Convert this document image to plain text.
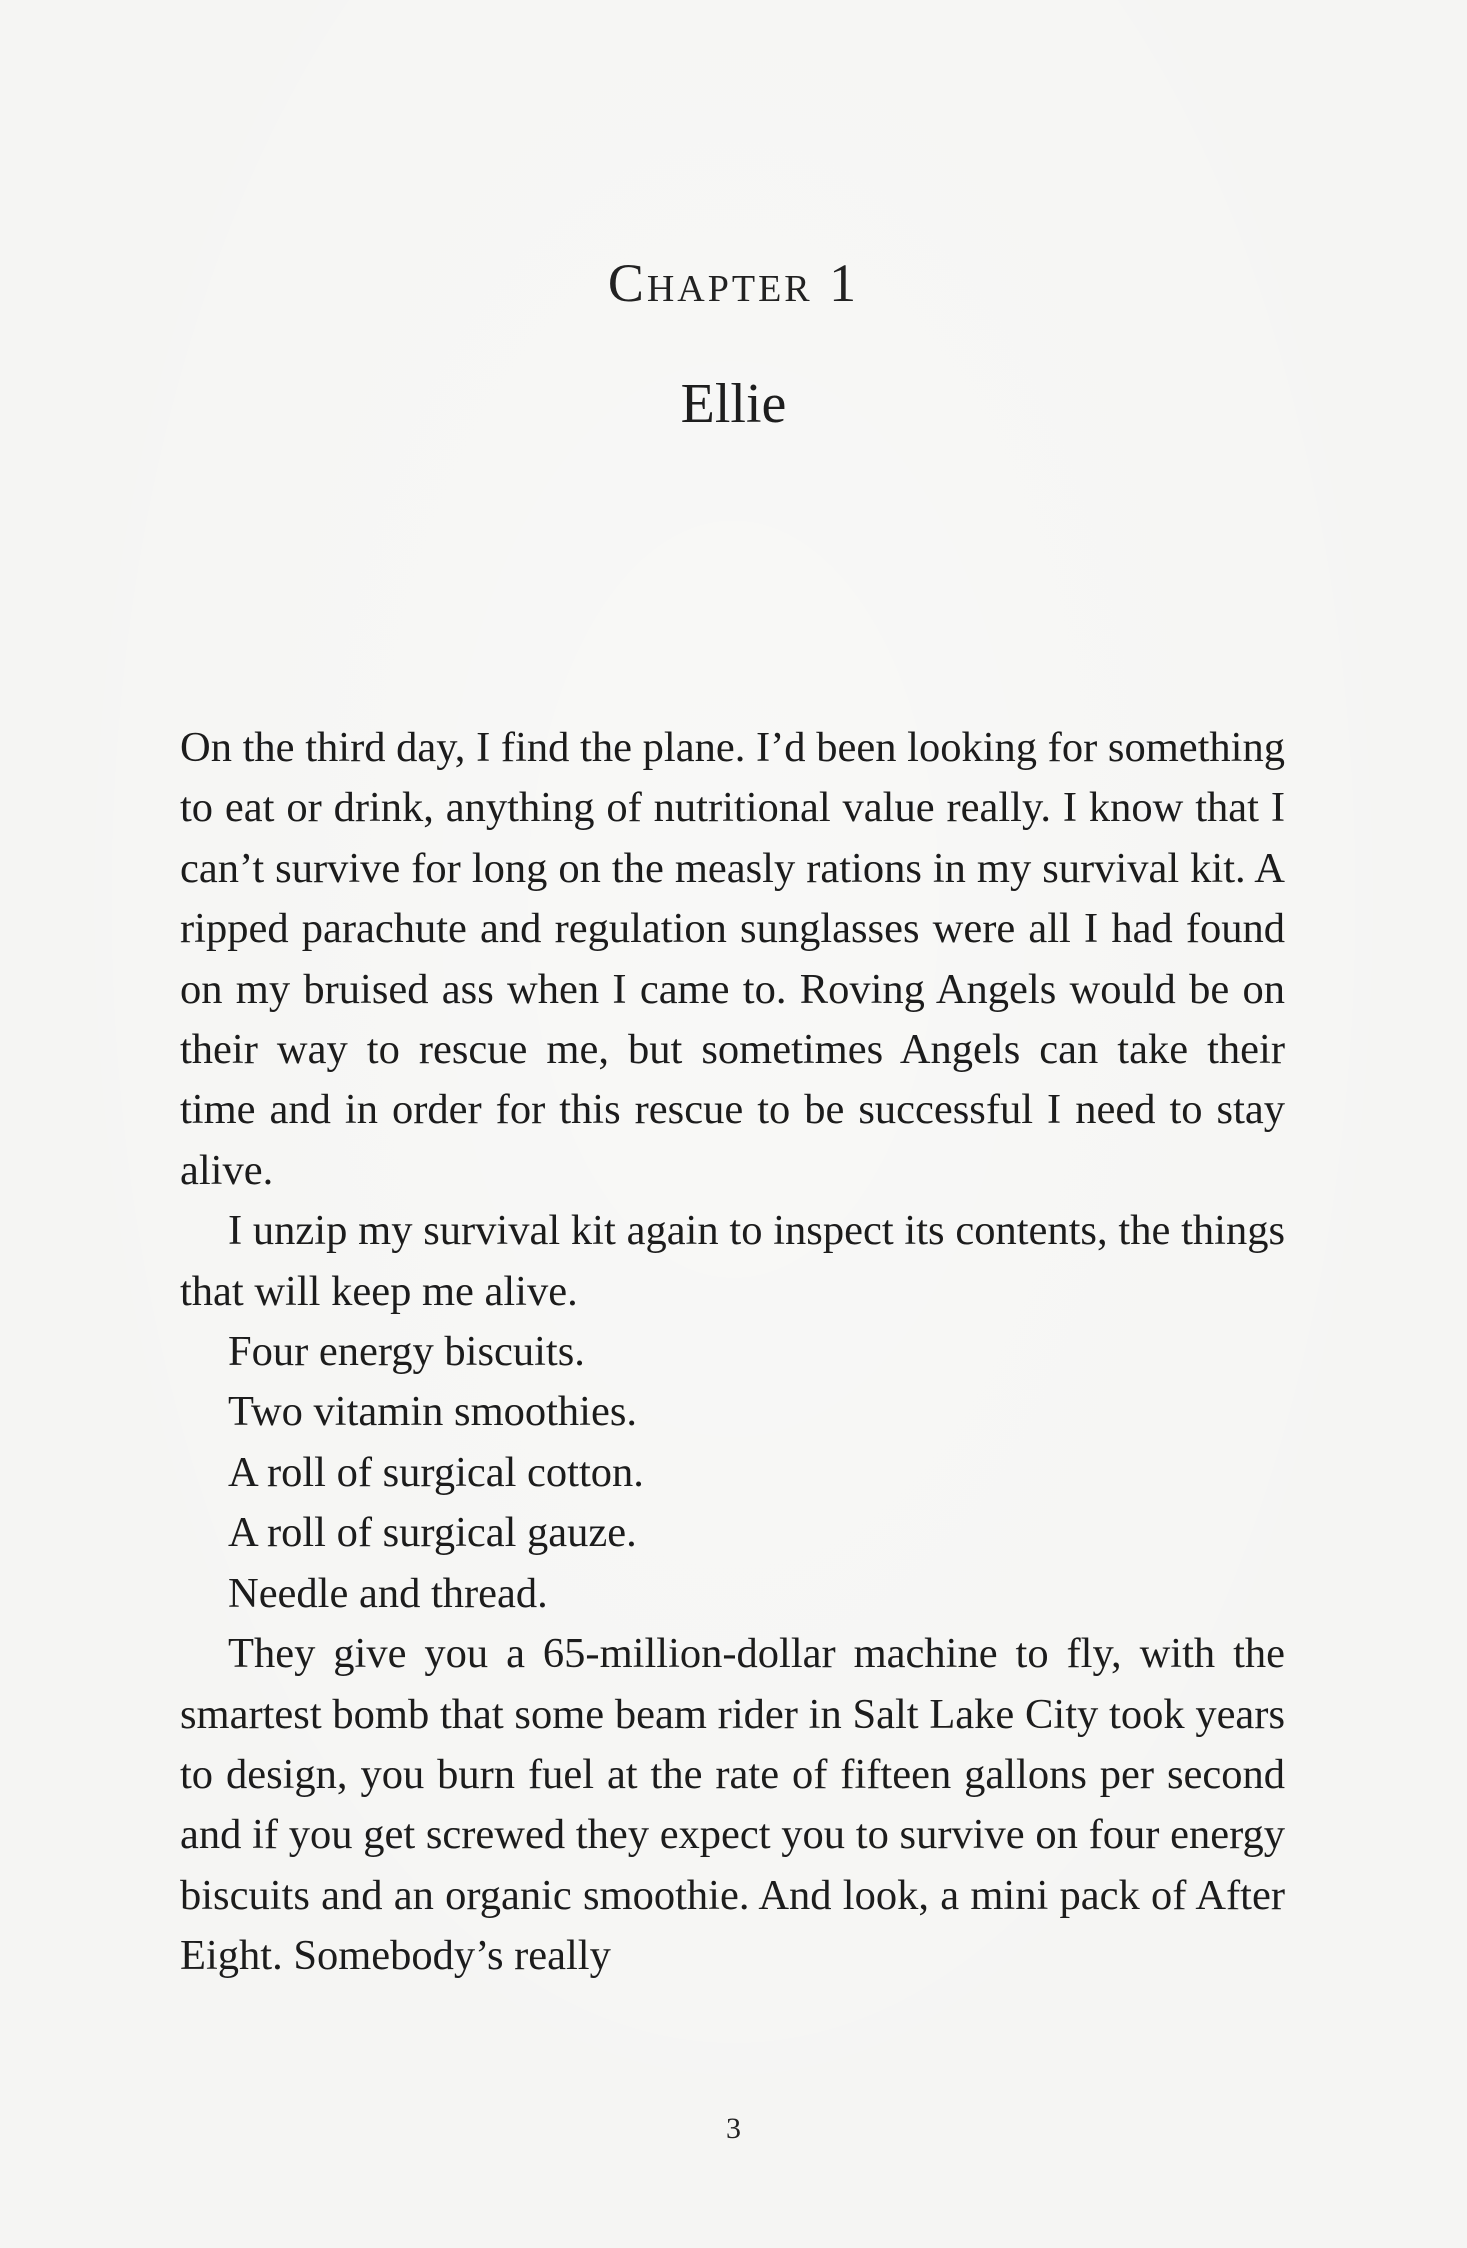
Chapter 1
Ellie

On the third day, I find the plane. I’d been looking for something to eat or drink, anything of nutritional value really. I know that I can’t survive for long on the measly rations in my survival kit. A ripped parachute and regulation sunglasses were all I had found on my bruised ass when I came to. Roving Angels would be on their way to rescue me, but sometimes Angels can take their time and in order for this rescue to be successful I need to stay alive.

I unzip my survival kit again to inspect its contents, the things that will keep me alive.

Four energy biscuits.

Two vitamin smoothies.

A roll of surgical cotton.

A roll of surgical gauze.

Needle and thread.

They give you a 65-million-dollar machine to fly, with the smartest bomb that some beam rider in Salt Lake City took years to design, you burn fuel at the rate of fifteen gallons per second and if you get screwed they expect you to survive on four energy biscuits and an organic smoothie. And look, a mini pack of After Eight. Somebody’s really

3
